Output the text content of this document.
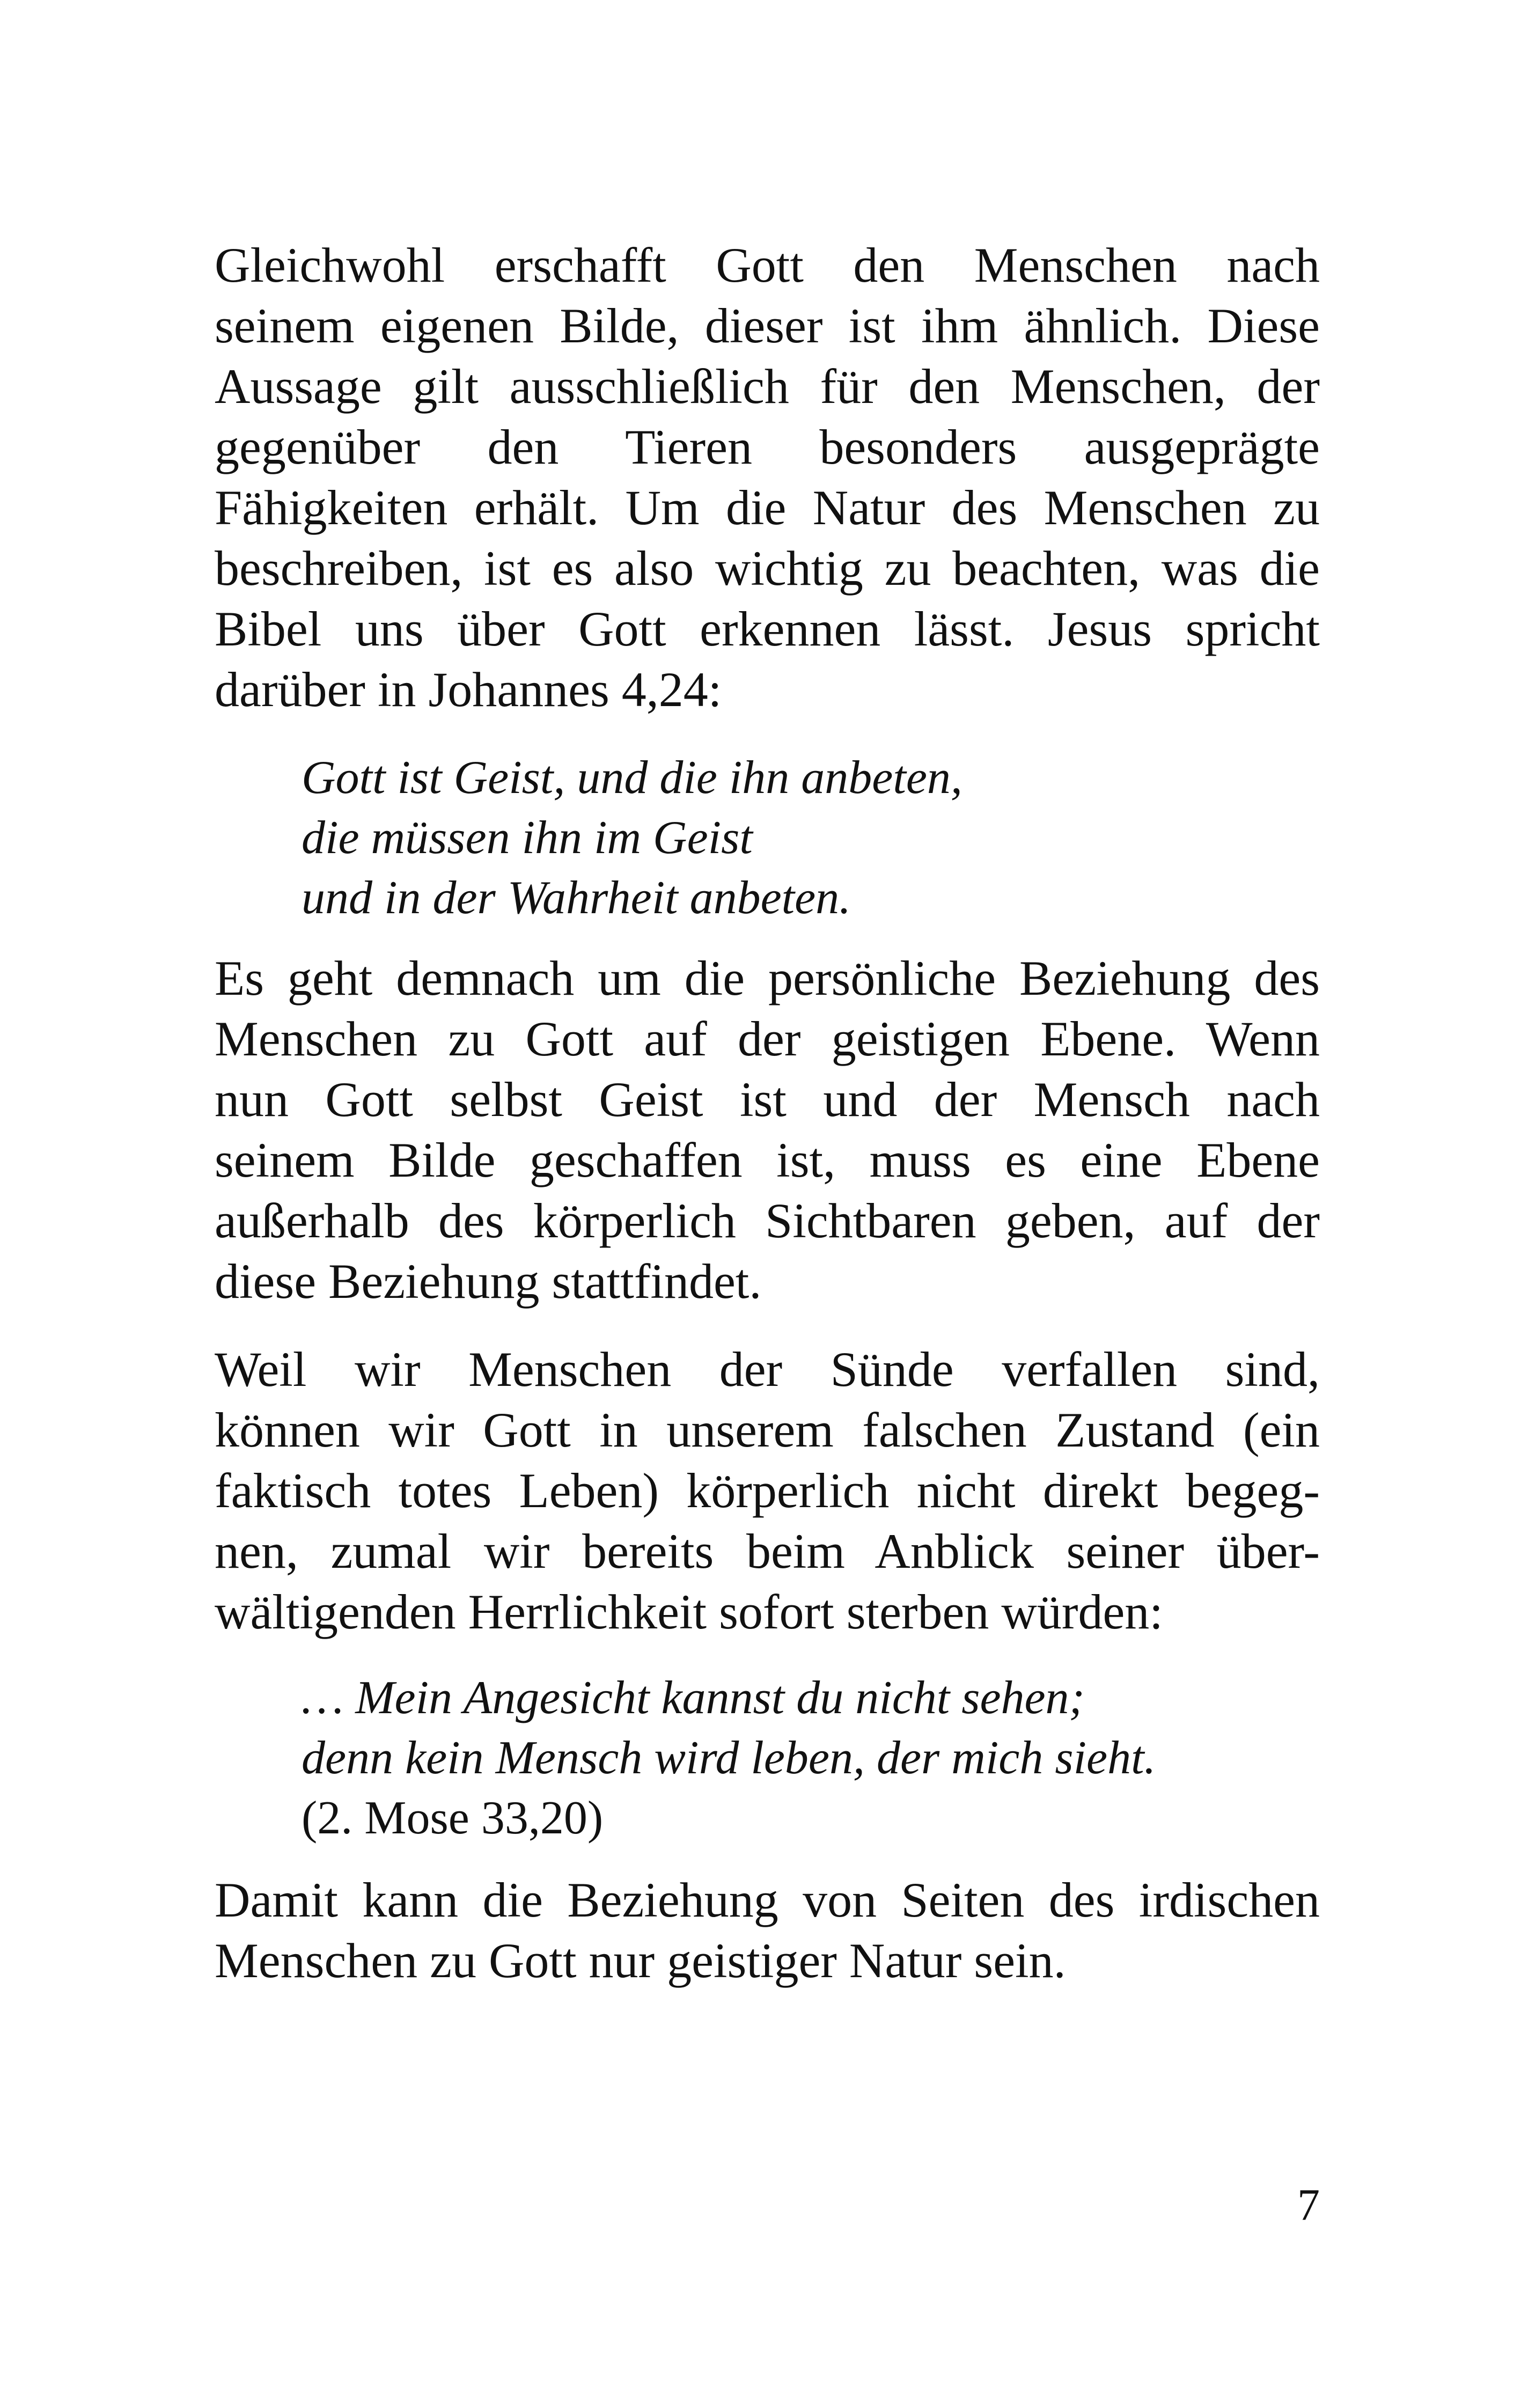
Gleichwohl erschafft Gott den Menschen nach
seinem eigenen Bilde, dieser ist ihm ähnlich. Diese
Aussage gilt ausschließlich für den Menschen, der
gegenüber den Tieren besonders ausgeprägte
Fähigkeiten erhält. Um die Natur des Menschen zu
beschreiben, ist es also wichtig zu beachten, was die
Bibel uns über Gott erkennen lässt. Jesus spricht
darüber in Johannes 4,24:

Gott ist Geist, und die ihn anbeten,
die müssen ihn im Geist
und in der Wahrheit anbeten.

Es geht demnach um die persönliche Beziehung des
Menschen zu Gott auf der geistigen Ebene. Wenn
nun Gott selbst Geist ist und der Mensch nach
seinem Bilde geschaffen ist, muss es eine Ebene
außerhalb des körperlich Sichtbaren geben, auf der
diese Beziehung stattfindet.

Weil wir Menschen der Sünde verfallen sind,
können wir Gott in unserem falschen Zustand (ein
faktisch totes Leben) körperlich nicht direkt begeg-
nen, zumal wir bereits beim Anblick seiner über-
wältigenden Herrlichkeit sofort sterben würden:

… Mein Angesicht kannst du nicht sehen;
denn kein Mensch wird leben, der mich sieht.
(2. Mose 33,20)

Damit kann die Beziehung von Seiten des irdischen
Menschen zu Gott nur geistiger Natur sein.

7
